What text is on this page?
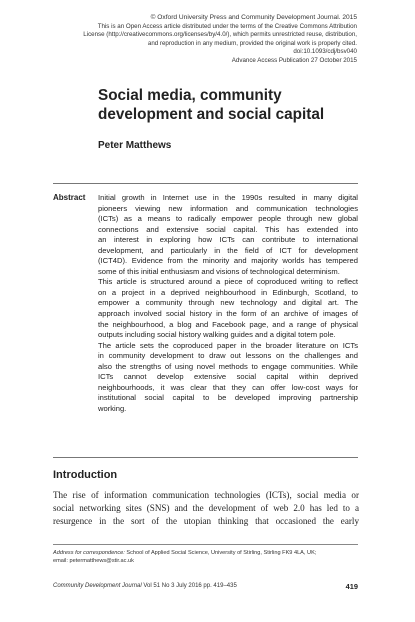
© Oxford University Press and Community Development Journal. 2015
This is an Open Access article distributed under the terms of the Creative Commons Attribution
License (http://creativecommons.org/licenses/by/4.0/), which permits unrestricted reuse, distribution,
and reproduction in any medium, provided the original work is properly cited.
doi:10.1093/cdj/bsv040
Advance Access Publication 27 October 2015
Social media, community
development and social capital
Peter Matthews
Abstract Initial growth in Internet use in the 1990s resulted in many digital
pioneers viewing new information and communication technologies
(ICTs) as a means to radically empower people through new global
connections and extensive social capital. This has extended into
an interest in exploring how ICTs can contribute to international
development, and particularly in the field of ICT for development
(ICT4D). Evidence from the minority and majority worlds has tempered
some of this initial enthusiasm and visions of technological determinism.
This article is structured around a piece of coproduced writing to reflect
on a project in a deprived neighbourhood in Edinburgh, Scotland, to
empower a community through new technology and digital art. The
approach involved social history in the form of an archive of images of
the neighbourhood, a blog and Facebook page, and a range of physical
outputs including social history walking guides and a digital totem pole.
The article sets the coproduced paper in the broader literature on ICTs
in community development to draw out lessons on the challenges and
also the strengths of using novel methods to engage communities. While
ICTs cannot develop extensive social capital within deprived
neighbourhoods, it was clear that they can offer low-cost ways for
institutional social capital to be developed improving partnership
working.
Introduction
The rise of information communication technologies (ICTs), social media or
social networking sites (SNS) and the development of web 2.0 has led to a
resurgence in the sort of the utopian thinking that occasioned the early
Address for correspondence: School of Applied Social Science, University of Stirling, Stirling FK9 4LA, UK;
email: petermatthews@stir.ac.uk
Community Development Journal Vol 51 No 3 July 2016 pp. 419–435	419
